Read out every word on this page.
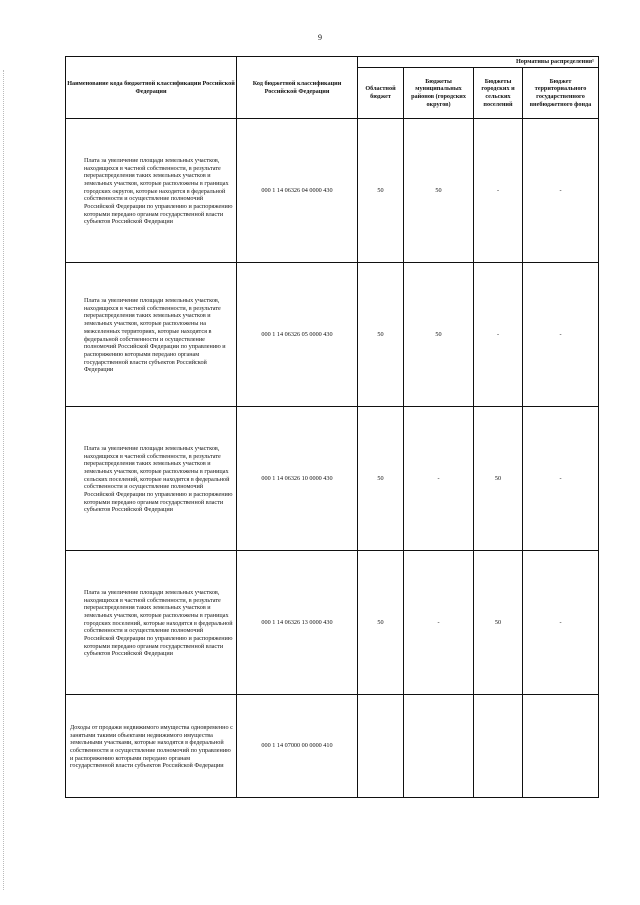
9
Наименование кода бюджетной классификации Российской Федерации	Код бюджетной классификации Российской Федерации	Нормативы распределения¹			
		Областной бюджет	Бюджеты муниципальных районов (городских округов)	Бюджеты городских и сельских поселений	Бюджет территориального государственного внебюджетного фонда
Плата за увеличение площади земельных участков, находящихся в частной собственности, в результате перераспределения таких земельных участков и земельных участков, которые расположены в границах городских округов, которые находятся в федеральной собственности и осуществление полномочий Российской Федерации по управлению и распоряжению которыми передано органам государственной власти субъектов Российской Федерации	000 1 14 06326 04 0000 430	50	50	-	-
Плата за увеличение площади земельных участков, находящихся в частной собственности, в результате перераспределения таких земельных участков и земельных участков, которые расположены на межселенных территориях, которые находятся в федеральной собственности и осуществление полномочий Российской Федерации по управлению и распоряжению которыми передано органам государственной власти субъектов Российской Федерации	000 1 14 06326 05 0000 430	50	50	-	-
Плата за увеличение площади земельных участков, находящихся в частной собственности, в результате перераспределения таких земельных участков и земельных участков, которые расположены в границах сельских поселений, которые находятся в федеральной собственности и осуществление полномочий Российской Федерации по управлению и распоряжению которыми передано органам государственной власти субъектов Российской Федерации	000 1 14 06326 10 0000 430	50	-	50	-
Плата за увеличение площади земельных участков, находящихся в частной собственности, в результате перераспределения таких земельных участков и земельных участков, которые расположены в границах городских поселений, которые находятся в федеральной собственности и осуществление полномочий Российской Федерации по управлению и распоряжению которыми передано органам государственной власти субъектов Российской Федерации	000 1 14 06326 13 0000 430	50	-	50	-
Доходы от продажи недвижимого имущества одновременно с занятыми такими объектами недвижимого имущества земельными участками, которые находятся в федеральной собственности и осуществление полномочий по управлению и распоряжению которыми передано органам государственной власти субъектов Российской Федерации	000 1 14 07000 00 0000 410				
